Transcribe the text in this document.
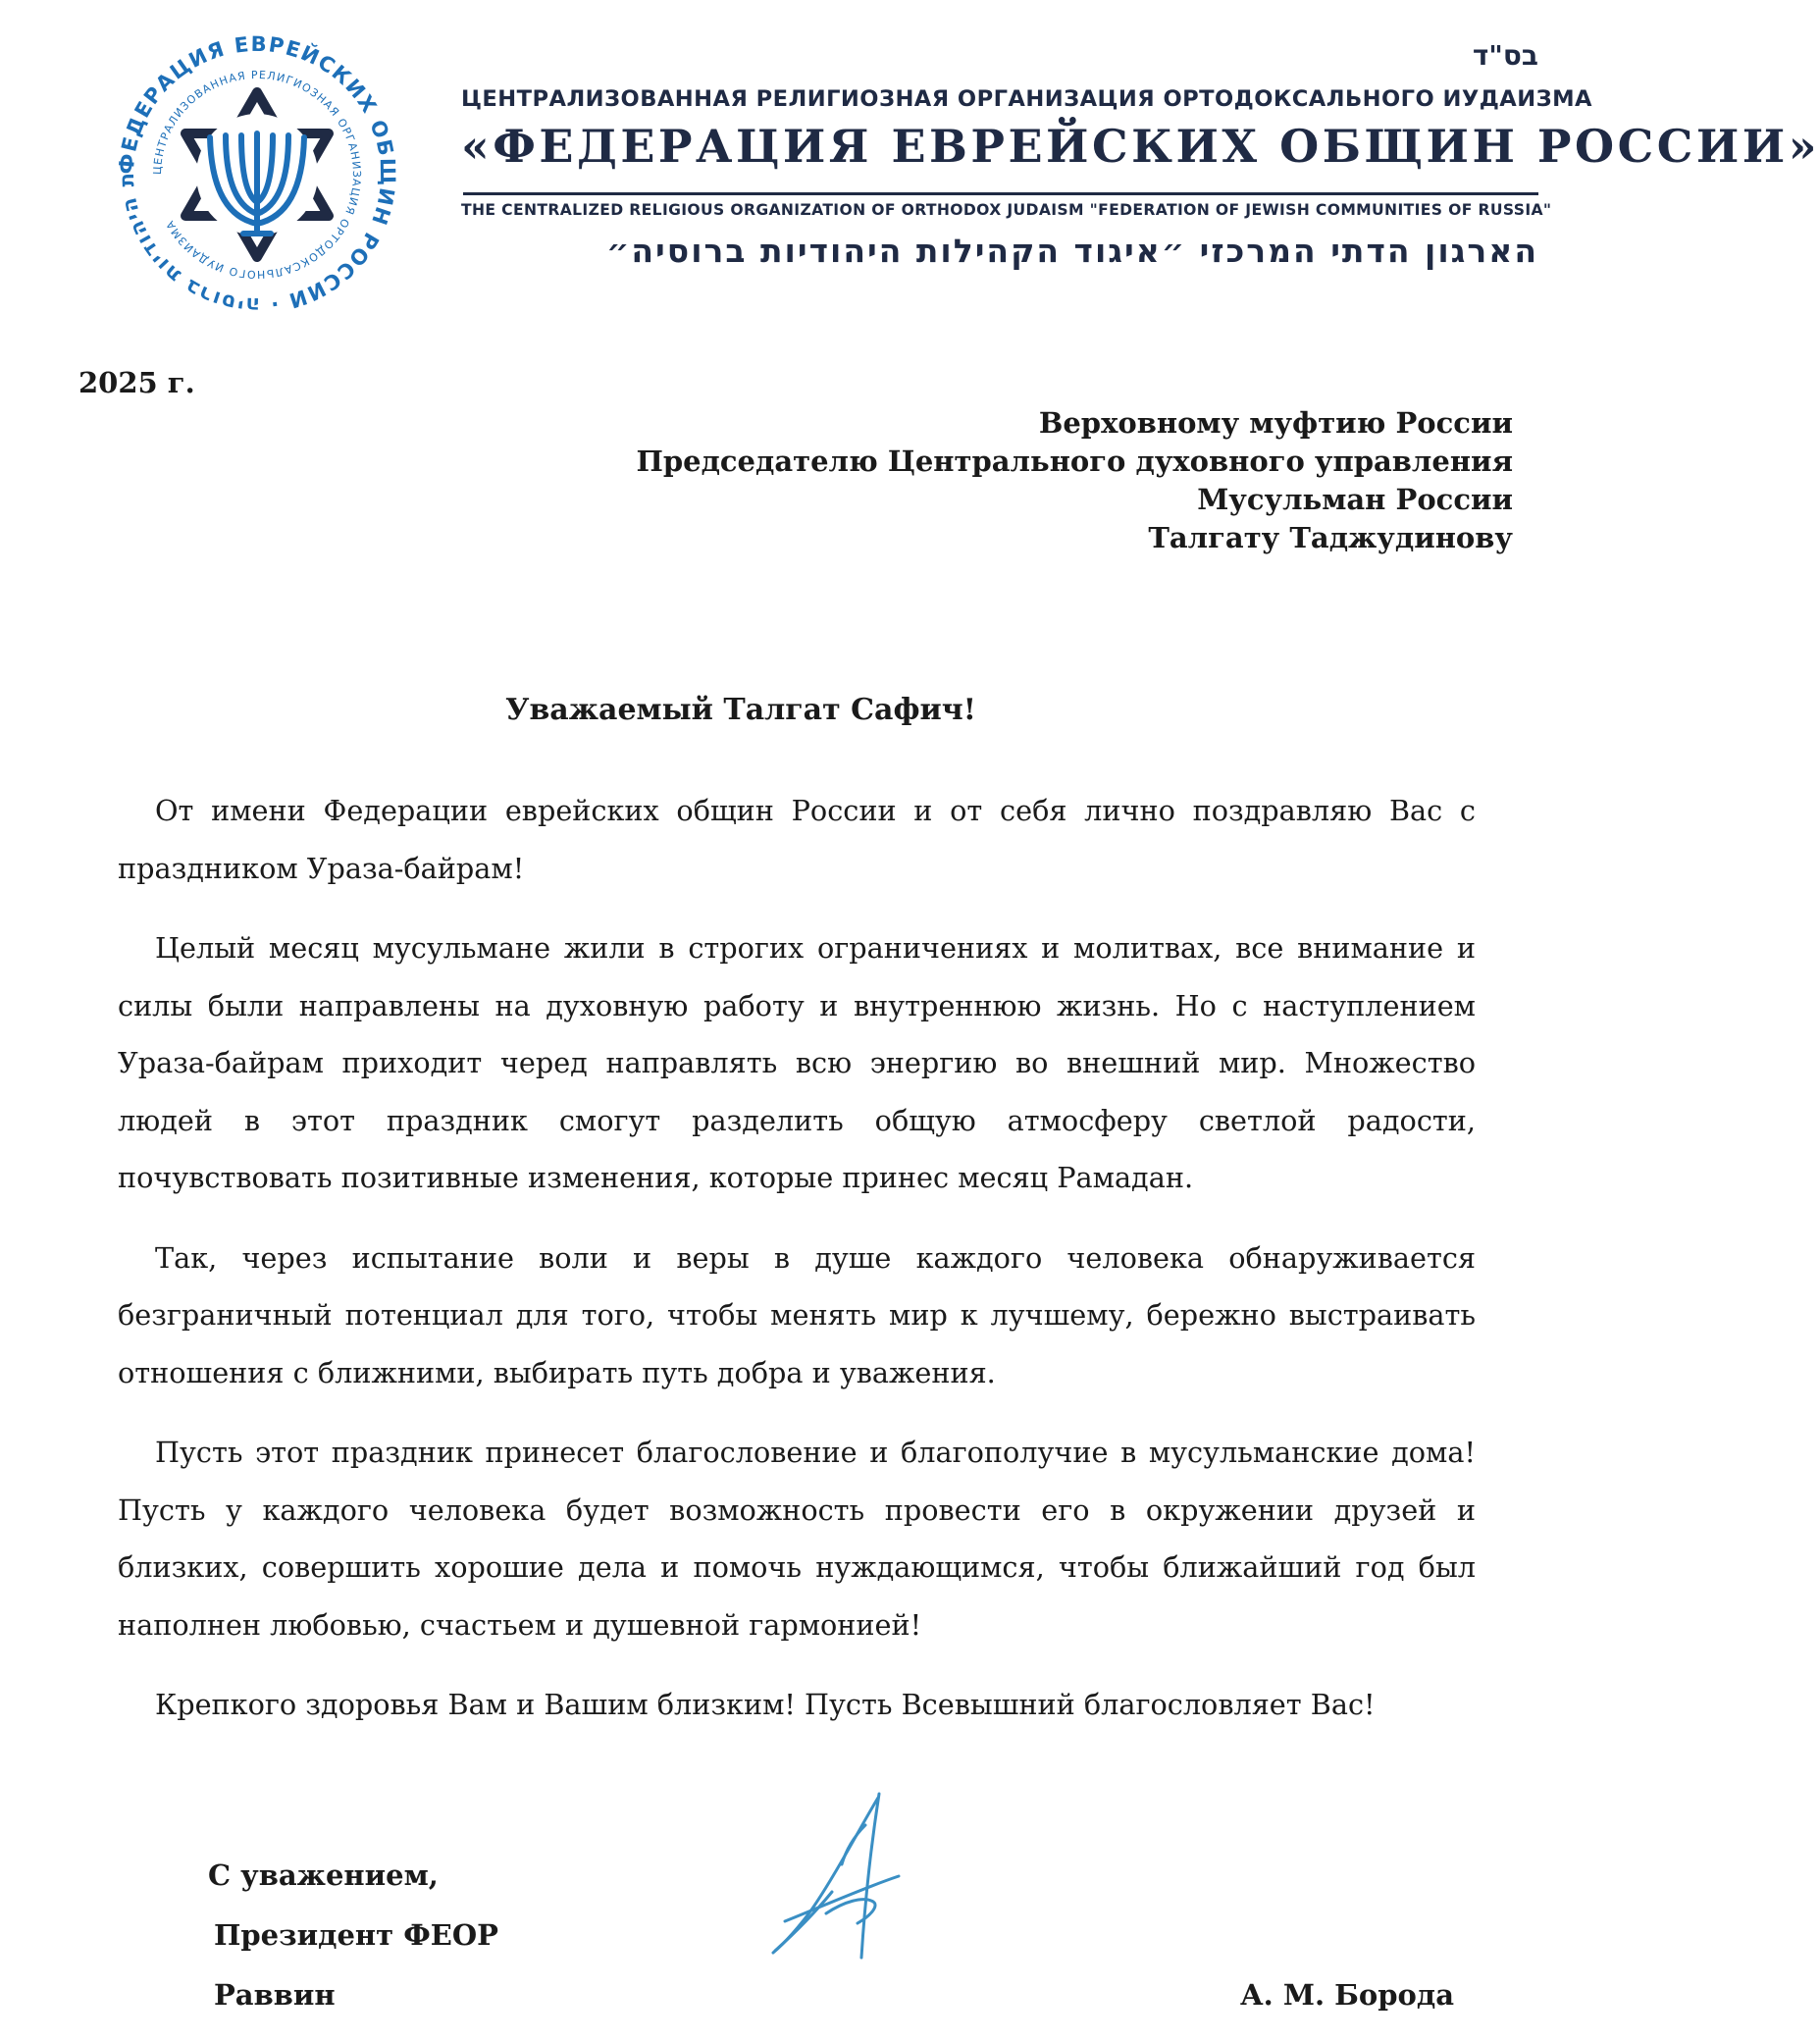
ФЕДЕРАЦИЯ ЕВРЕЙСКИХ ОБЩИН РОССИИ · ת היהודיות ברוסיה
ЦЕНТРАЛИЗОВАННАЯ РЕЛИГИОЗНАЯ ОРГАНИЗАЦИЯ ОРТОДОКСАЛЬНОГО ИУДАИЗМА
בס"ד
ЦЕНТРАЛИЗОВАННАЯ РЕЛИГИОЗНАЯ ОРГАНИЗАЦИЯ ОРТОДОКСАЛЬНОГО ИУДАИЗМА
«ФЕДЕРАЦИЯ ЕВРЕЙСКИХ ОБЩИН РОССИИ»
THE CENTRALIZED RELIGIOUS ORGANIZATION OF ORTHODOX JUDAISM "FEDERATION OF JEWISH COMMUNITIES OF RUSSIA"
הארגון הדתי המרכזי ״איגוד הקהילות היהודיות ברוסיה״
2025 г.
Верховному муфтию России
Председателю Центрального духовного управления
Мусульман России
Талгату Таджудинову
Уважаемый Талгат Сафич!

От имени Федерации еврейских общин России и от себя лично поздравляю Вас с праздником Ураза-байрам!

Целый месяц мусульмане жили в строгих ограничениях и молитвах, все внимание и силы были направлены на духовную работу и внутреннюю жизнь. Но с наступлением Ураза-байрам приходит черед направлять всю энергию во внешний мир. Множество людей в этот праздник смогут разделить общую атмосферу светлой радости, почувствовать позитивные изменения, которые принес месяц Рамадан.

Так, через испытание воли и веры в душе каждого человека обнаруживается безграничный потенциал для того, чтобы менять мир к лучшему, бережно выстраивать отношения с ближними, выбирать путь добра и уважения.

Пусть этот праздник принесет благословение и благополучие в мусульманские дома! Пусть у каждого человека будет возможность провести его в окружении друзей и близких, совершить хорошие дела и помочь нуждающимся, чтобы ближайший год был наполнен любовью, счастьем и душевной гармонией!

Крепкого здоровья Вам и Вашим близким! Пусть Всевышний благословляет Вас!

С уважением,
Президент ФЕОР
Раввин	А. М. Борода
